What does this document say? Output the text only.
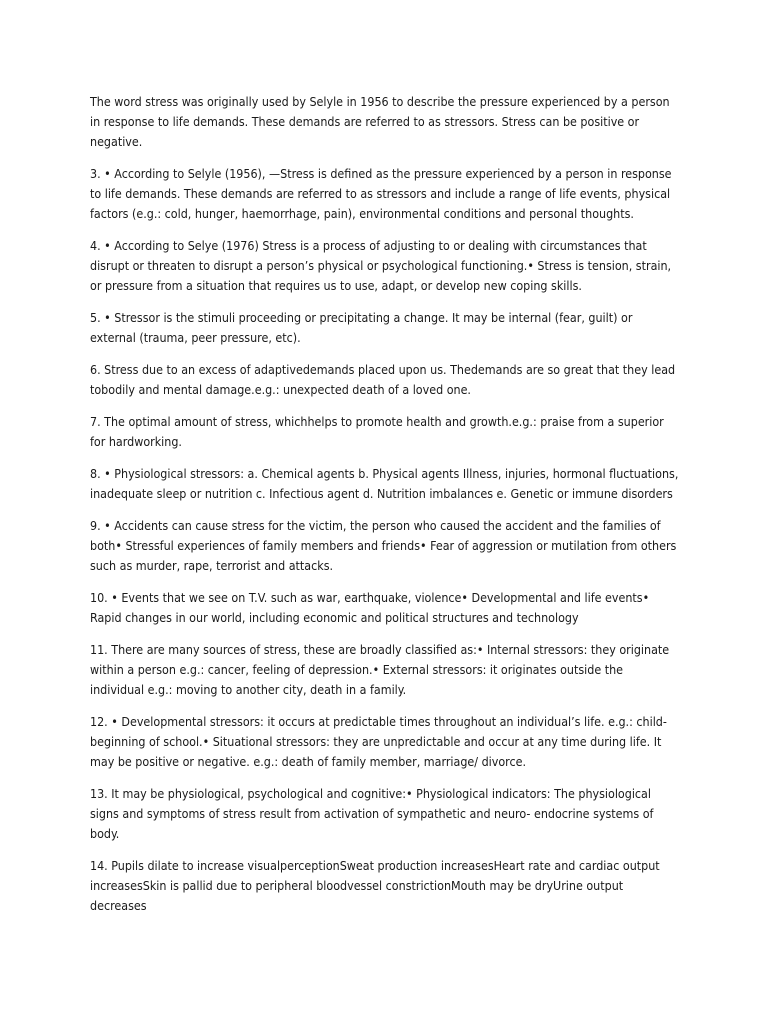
The word stress was originally used by Selyle in 1956 to describe the pressure experienced by a person in response to life demands. These demands are referred to as stressors. Stress can be positive or negative.

3. • According to Selyle (1956), —Stress is defined as the pressure experienced by a person in response to life demands. These demands are referred to as stressors and include a range of life events, physical factors (e.g.: cold, hunger, haemorrhage, pain), environmental conditions and personal thoughts.

4. • According to Selye (1976) Stress is a process of adjusting to or dealing with circumstances that disrupt or threaten to disrupt a person’s physical or psychological functioning.• Stress is tension, strain, or pressure from a situation that requires us to use, adapt, or develop new coping skills.

5. • Stressor is the stimuli proceeding or precipitating a change. It may be internal (fear, guilt) or external (trauma, peer pressure, etc).

6. Stress due to an excess of adaptivedemands placed upon us. Thedemands are so great that they lead tobodily and mental damage.e.g.: unexpected death of a loved one.

7. The optimal amount of stress, whichhelps to promote health and growth.e.g.: praise from a superior for hardworking.

8. • Physiological stressors: a. Chemical agents b. Physical agents Illness, injuries, hormonal fluctuations, inadequate sleep or nutrition c. Infectious agent d. Nutrition imbalances e. Genetic or immune disorders

9. • Accidents can cause stress for the victim, the person who caused the accident and the families of both• Stressful experiences of family members and friends• Fear of aggression or mutilation from others such as murder, rape, terrorist and attacks.

10. • Events that we see on T.V. such as war, earthquake, violence• Developmental and life events• Rapid changes in our world, including economic and political structures and technology

11. There are many sources of stress, these are broadly classified as:• Internal stressors: they originate within a person e.g.: cancer, feeling of depression.• External stressors: it originates outside the individual e.g.: moving to another city, death in a family.

12. • Developmental stressors: it occurs at predictable times throughout an individual’s life. e.g.: child-beginning of school.• Situational stressors: they are unpredictable and occur at any time during life. It may be positive or negative. e.g.: death of family member, marriage/ divorce.

13. It may be physiological, psychological and cognitive:• Physiological indicators: The physiological signs and symptoms of stress result from activation of sympathetic and neuro- endocrine systems of body.

14. Pupils dilate to increase visualperceptionSweat production increasesHeart rate and cardiac output increasesSkin is pallid due to peripheral bloodvessel constrictionMouth may be dryUrine output decreases
